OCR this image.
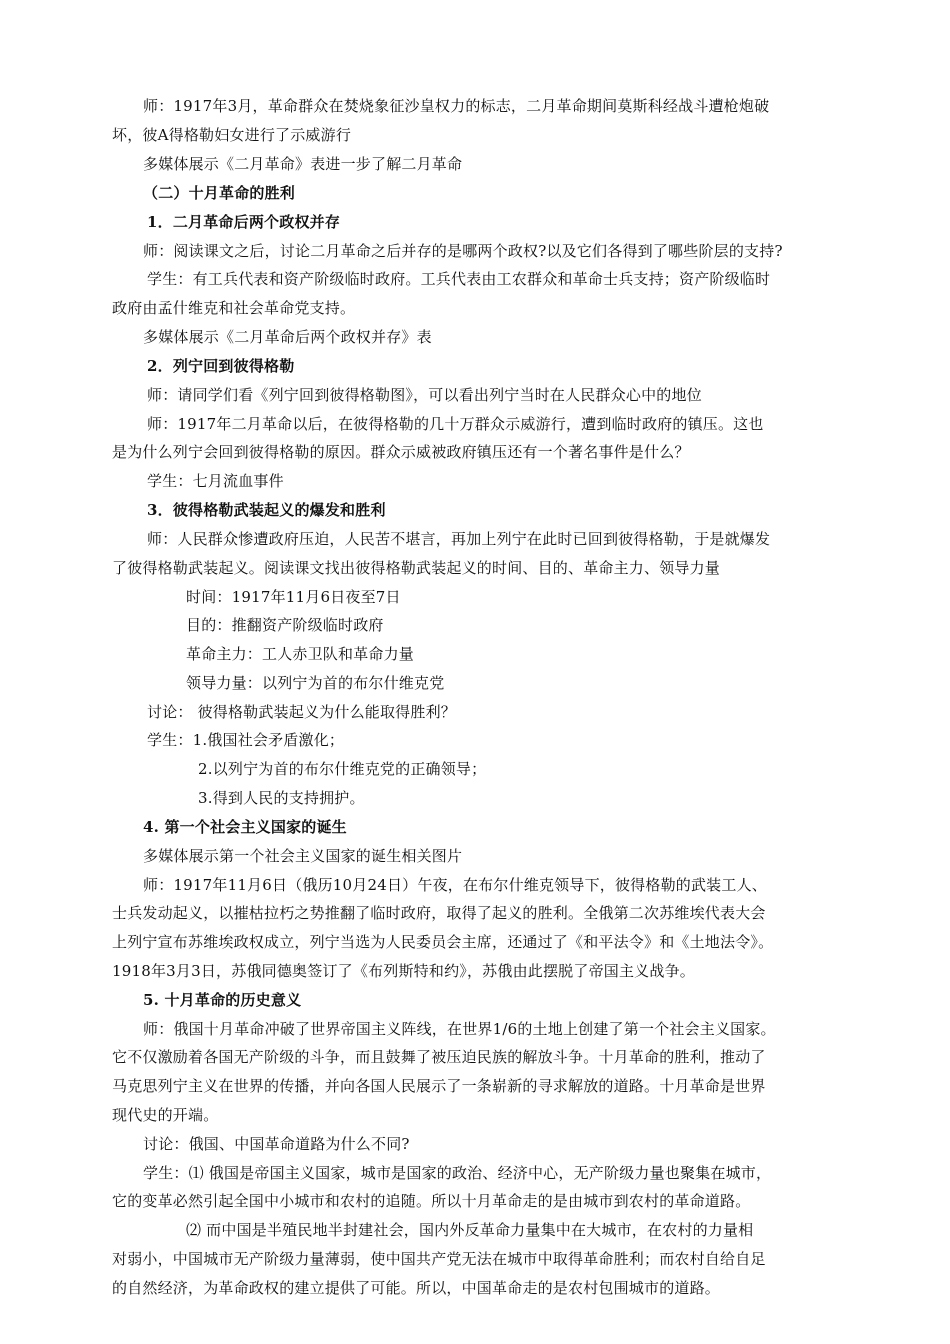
师：1917年3月，革命群众在焚烧象征沙皇权力的标志，二月革命期间莫斯科经战斗遭枪炮破
坏，彼A得格勒妇女进行了示威游行
多媒体展示《二月革命》表进一步了解二月革命
（二）十月革命的胜利
1．二月革命后两个政权并存
师：阅读课文之后，讨论二月革命之后并存的是哪两个政权?以及它们各得到了哪些阶层的支持?
学生：有工兵代表和资产阶级临时政府。工兵代表由工农群众和革命士兵支持；资产阶级临时
政府由孟什维克和社会革命党支持。
多媒体展示《二月革命后两个政权并存》表
2．列宁回到彼得格勒
师：请同学们看《列宁回到彼得格勒图》，可以看出列宁当时在人民群众心中的地位
师：1917年二月革命以后，在彼得格勒的几十万群众示威游行，遭到临时政府的镇压。这也
是为什么列宁会回到彼得格勒的原因。群众示威被政府镇压还有一个著名事件是什么？
学生：七月流血事件
3．彼得格勒武装起义的爆发和胜利
师：人民群众惨遭政府压迫，人民苦不堪言，再加上列宁在此时已回到彼得格勒，于是就爆发
了彼得格勒武装起义。阅读课文找出彼得格勒武装起义的时间、目的、革命主力、领导力量
时间：1917年11月6日夜至7日
目的：推翻资产阶级临时政府
革命主力：工人赤卫队和革命力量
领导力量：以列宁为首的布尔什维克党
讨论： 彼得格勒武装起义为什么能取得胜利？
学生：1.俄国社会矛盾激化；
2.以列宁为首的布尔什维克党的正确领导；
3.得到人民的支持拥护。
4. 第一个社会主义国家的诞生
多媒体展示第一个社会主义国家的诞生相关图片
师：1917年11月6日（俄历10月24日）午夜，在布尔什维克领导下，彼得格勒的武装工人、
士兵发动起义，以摧枯拉朽之势推翻了临时政府，取得了起义的胜利。全俄第二次苏维埃代表大会
上列宁宣布苏维埃政权成立，列宁当选为人民委员会主席，还通过了《和平法令》和《土地法令》。
1918年3月3日，苏俄同德奥签订了《布列斯特和约》，苏俄由此摆脱了帝国主义战争。
5. 十月革命的历史意义
师：俄国十月革命冲破了世界帝国主义阵线，在世界1/6的土地上创建了第一个社会主义国家。
它不仅激励着各国无产阶级的斗争，而且鼓舞了被压迫民族的解放斗争。十月革命的胜利，推动了
马克思列宁主义在世界的传播，并向各国人民展示了一条崭新的寻求解放的道路。十月革命是世界
现代史的开端。
讨论：俄国、中国革命道路为什么不同?
学生：⑴ 俄国是帝国主义国家，城市是国家的政治、经济中心，无产阶级力量也聚集在城市，
它的变革必然引起全国中小城市和农村的追随。所以十月革命走的是由城市到农村的革命道路。
⑵ 而中国是半殖民地半封建社会，国内外反革命力量集中在大城市，在农村的力量相
对弱小，中国城市无产阶级力量薄弱，使中国共产党无法在城市中取得革命胜利；而农村自给自足
的自然经济，为革命政权的建立提供了可能。所以，中国革命走的是农村包围城市的道路。
